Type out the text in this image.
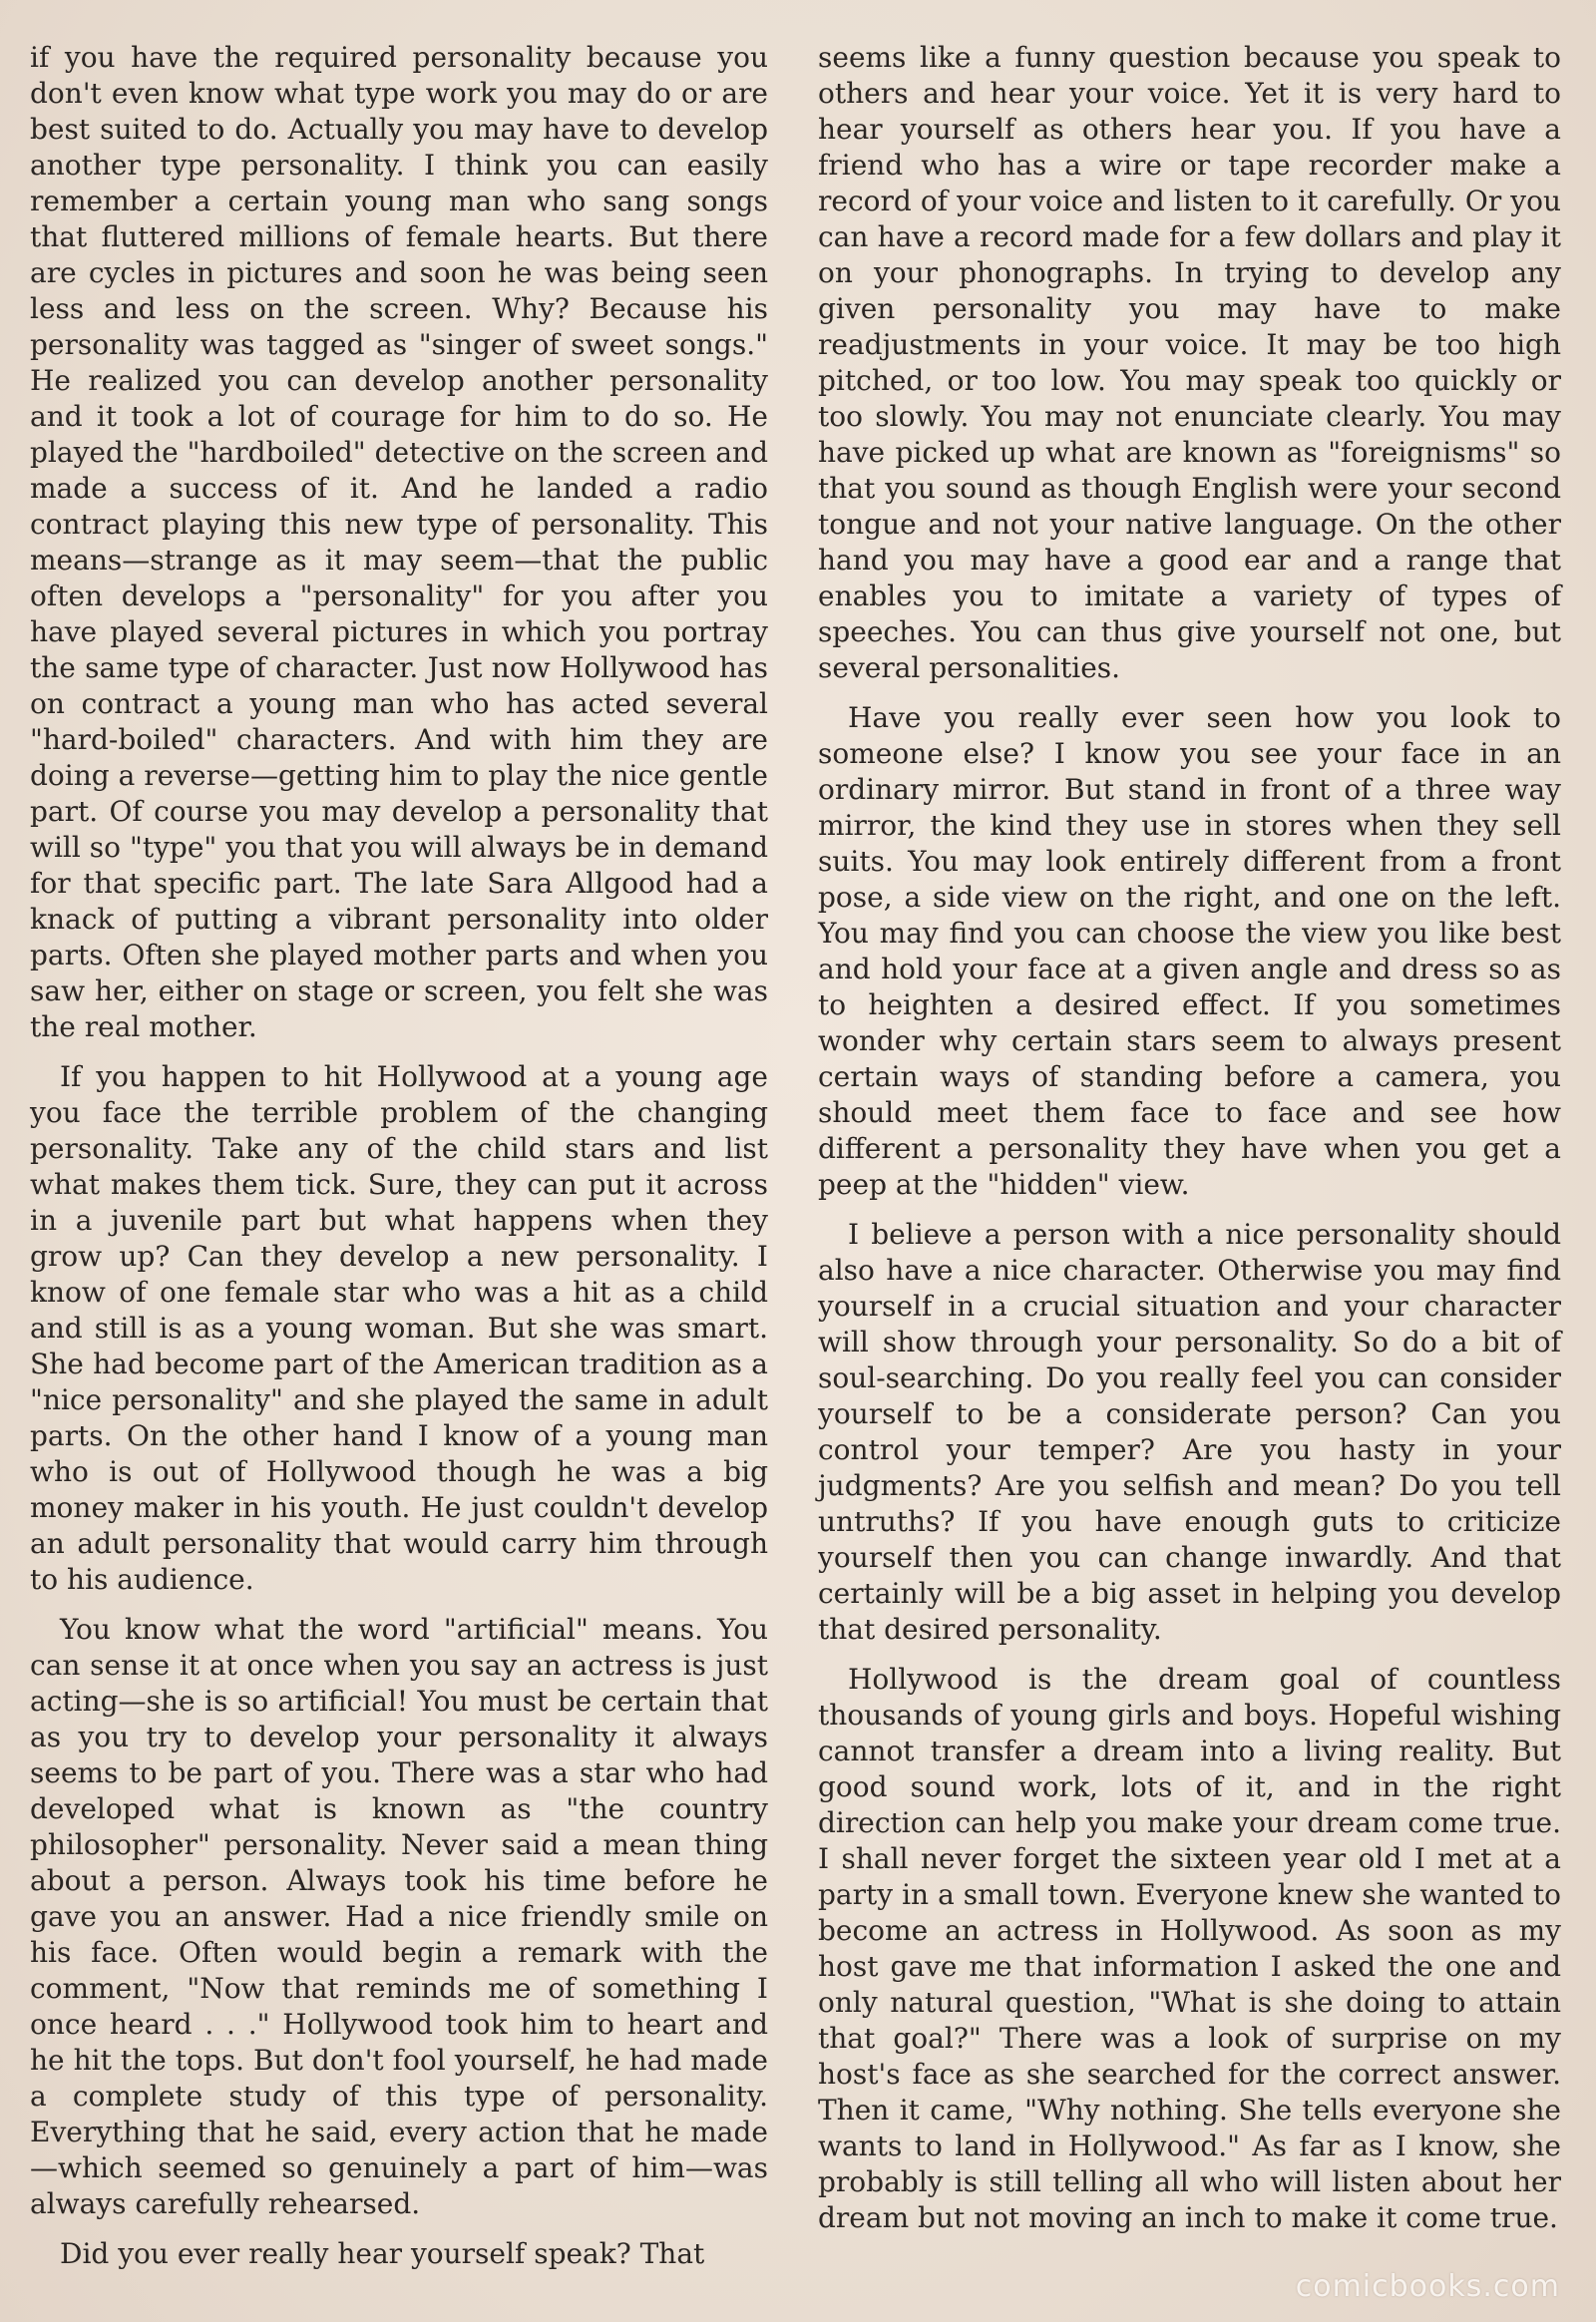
if you have the required personality because you don't even know what type work you may do or are best suited to do. Actually you may have to develop another type personality. I think you can easily remember a certain young man who sang songs that fluttered millions of female hearts. But there are cycles in pictures and soon he was being seen less and less on the screen. Why? Because his personality was tagged as "singer of sweet songs." He realized you can develop another personality and it took a lot of courage for him to do so. He played the "hardboiled" detective on the screen and made a success of it. And he landed a radio contract playing this new type of personality. This means—strange as it may seem—that the public often develops a "personality" for you after you have played several pictures in which you portray the same type of character. Just now Hollywood has on contract a young man who has acted several "hard-boiled" characters. And with him they are doing a reverse—getting him to play the nice gentle part. Of course you may develop a personality that will so "type" you that you will always be in demand for that specific part. The late Sara Allgood had a knack of putting a vibrant personality into older parts. Often she played mother parts and when you saw her, either on stage or screen, you felt she was the real mother.

If you happen to hit Hollywood at a young age you face the terrible problem of the changing personality. Take any of the child stars and list what makes them tick. Sure, they can put it across in a juvenile part but what happens when they grow up? Can they develop a new personality. I know of one female star who was a hit as a child and still is as a young woman. But she was smart. She had become part of the American tradition as a "nice personality" and she played the same in adult parts. On the other hand I know of a young man who is out of Hollywood though he was a big money maker in his youth. He just couldn't develop an adult personality that would carry him through to his audience.

You know what the word "artificial" means. You can sense it at once when you say an actress is just acting—she is so artificial! You must be certain that as you try to develop your personality it always seems to be part of you. There was a star who had developed what is known as "the country philosopher" personality. Never said a mean thing about a person. Always took his time before he gave you an answer. Had a nice friendly smile on his face. Often would begin a remark with the comment, "Now that reminds me of something I once heard . . ." Hollywood took him to heart and he hit the tops. But don't fool yourself, he had made a complete study of this type of personality. Everything that he said, every action that he made—which seemed so genuinely a part of him—was always carefully rehearsed.

Did you ever really hear yourself speak? That

seems like a funny question because you speak to others and hear your voice. Yet it is very hard to hear yourself as others hear you. If you have a friend who has a wire or tape recorder make a record of your voice and listen to it carefully. Or you can have a record made for a few dollars and play it on your phonographs. In trying to develop any given personality you may have to make readjustments in your voice. It may be too high pitched, or too low. You may speak too quickly or too slowly. You may not enunciate clearly. You may have picked up what are known as "foreignisms" so that you sound as though English were your second tongue and not your native language. On the other hand you may have a good ear and a range that enables you to imitate a variety of types of speeches. You can thus give yourself not one, but several personalities.

Have you really ever seen how you look to someone else? I know you see your face in an ordinary mirror. But stand in front of a three way mirror, the kind they use in stores when they sell suits. You may look entirely different from a front pose, a side view on the right, and one on the left. You may find you can choose the view you like best and hold your face at a given angle and dress so as to heighten a desired effect. If you sometimes wonder why certain stars seem to always present certain ways of standing before a camera, you should meet them face to face and see how different a personality they have when you get a peep at the "hidden" view.

I believe a person with a nice personality should also have a nice character. Otherwise you may find yourself in a crucial situation and your character will show through your personality. So do a bit of soul-searching. Do you really feel you can consider yourself to be a considerate person? Can you control your temper? Are you hasty in your judgments? Are you selfish and mean? Do you tell untruths? If you have enough guts to criticize yourself then you can change inwardly. And that certainly will be a big asset in helping you develop that desired personality.

Hollywood is the dream goal of countless thousands of young girls and boys. Hopeful wishing cannot transfer a dream into a living reality. But good sound work, lots of it, and in the right direction can help you make your dream come true. I shall never forget the sixteen year old I met at a party in a small town. Everyone knew she wanted to become an actress in Hollywood. As soon as my host gave me that information I asked the one and only natural question, "What is she doing to attain that goal?" There was a look of surprise on my host's face as she searched for the correct answer. Then it came, "Why nothing. She tells everyone she wants to land in Hollywood." As far as I know, she probably is still telling all who will listen about her dream but not moving an inch to make it come true.

comicbooks.com
